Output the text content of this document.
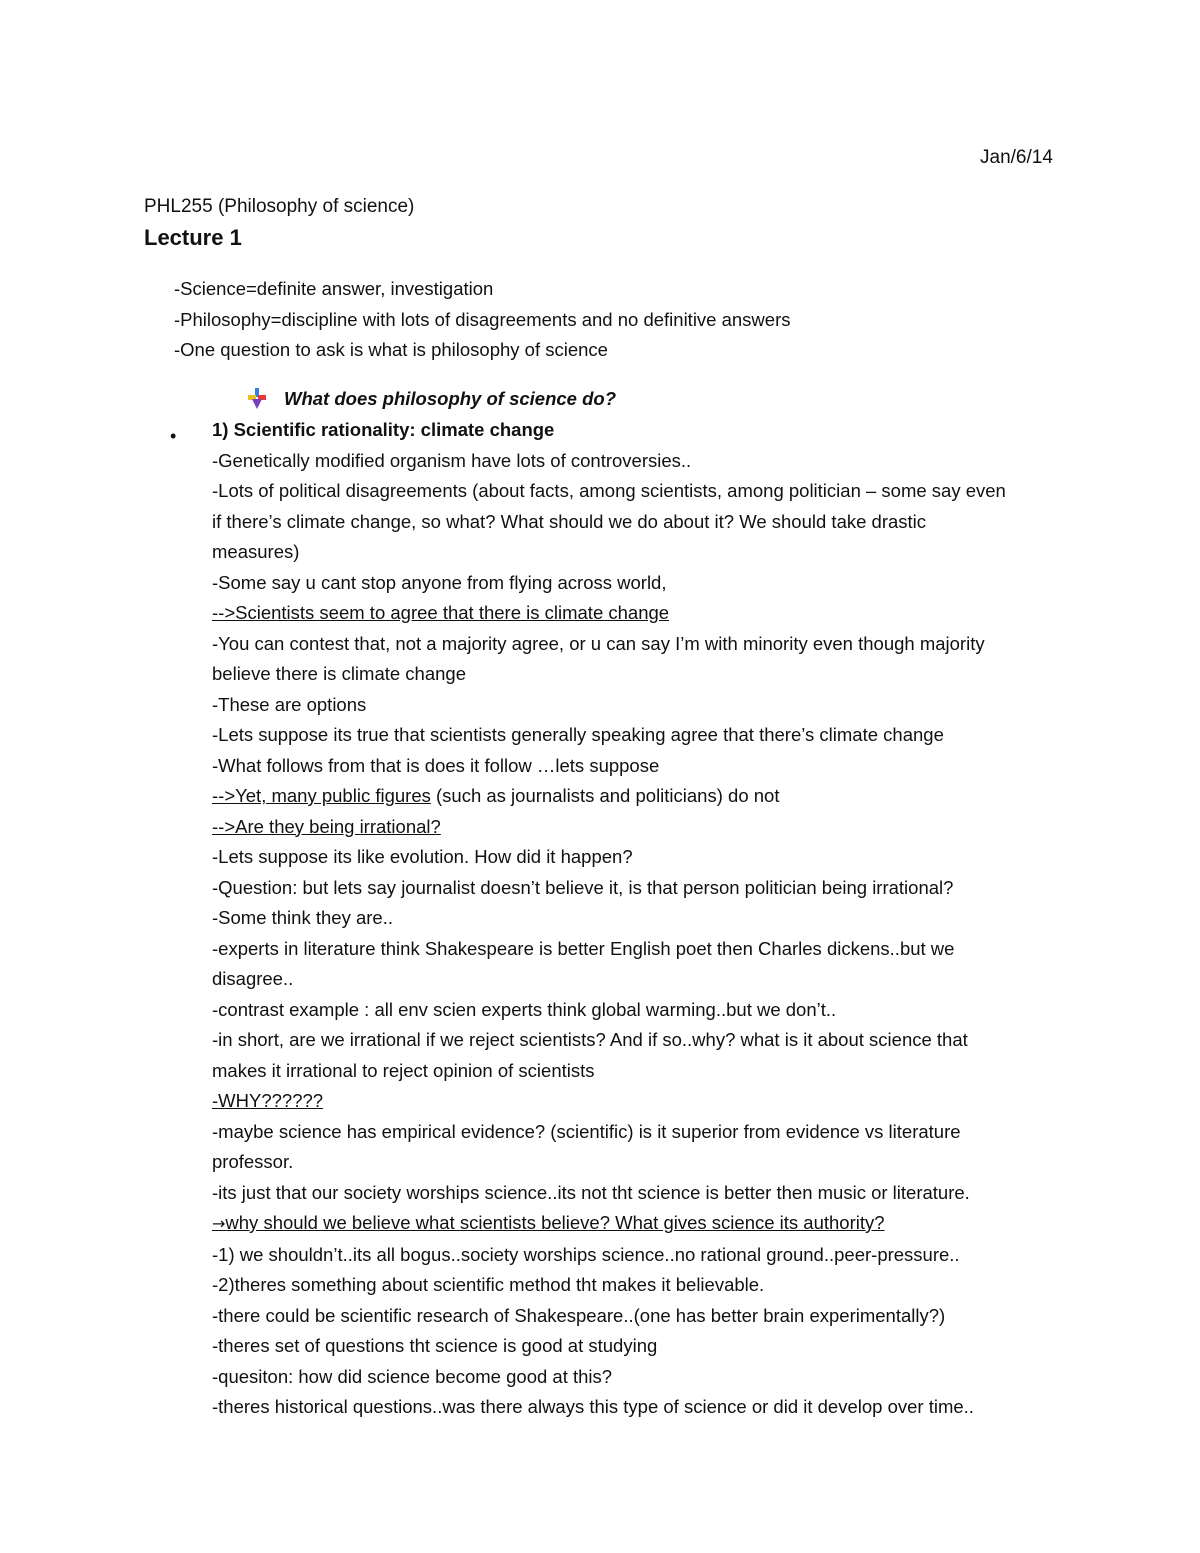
Jan/6/14
PHL255 (Philosophy of science)
Lecture 1
-Science=definite answer, investigation
-Philosophy=discipline with lots of disagreements and no definitive answers
-One question to ask is what is philosophy of science
What does philosophy of science do?
• 1) Scientific rationality: climate change
-Genetically modified organism have lots of controversies..
-Lots of political disagreements (about facts, among scientists, among politician – some say even
if there’s climate change, so what? What should we do about it? We should take drastic
measures)
-Some say u cant stop anyone from flying across world,
-->Scientists seem to agree that there is climate change
-You can contest that, not a majority agree, or u can say I’m with minority even though majority
believe there is climate change
-These are options
-Lets suppose its true that scientists generally speaking agree that there’s climate change
-What follows from that is does it follow …lets suppose
-->Yet, many public figures (such as journalists and politicians) do not
-->Are they being irrational?
-Lets suppose its like evolution. How did it happen?
-Question: but lets say journalist doesn’t believe it, is that person politician being irrational?
-Some think they are..
-experts in literature think Shakespeare is better English poet then Charles dickens..but we
disagree..
-contrast example : all env scien experts think global warming..but we don’t..
-in short, are we irrational if we reject scientists? And if so..why? what is it about science that
makes it irrational to reject opinion of scientists
-WHY??????
-maybe science has empirical evidence? (scientific) is it superior from evidence vs literature
professor.
-its just that our society worships science..its not tht science is better then music or literature.
→why should we believe what scientists believe? What gives science its authority?
-1) we shouldn’t..its all bogus..society worships science..no rational ground..peer-pressure..
-2)theres something about scientific method tht makes it believable.
-there could be scientific research of Shakespeare..(one has better brain experimentally?)
-theres set of questions tht science is good at studying
-quesiton: how did science become good at this?
-theres historical questions..was there always this type of science or did it develop over time..
